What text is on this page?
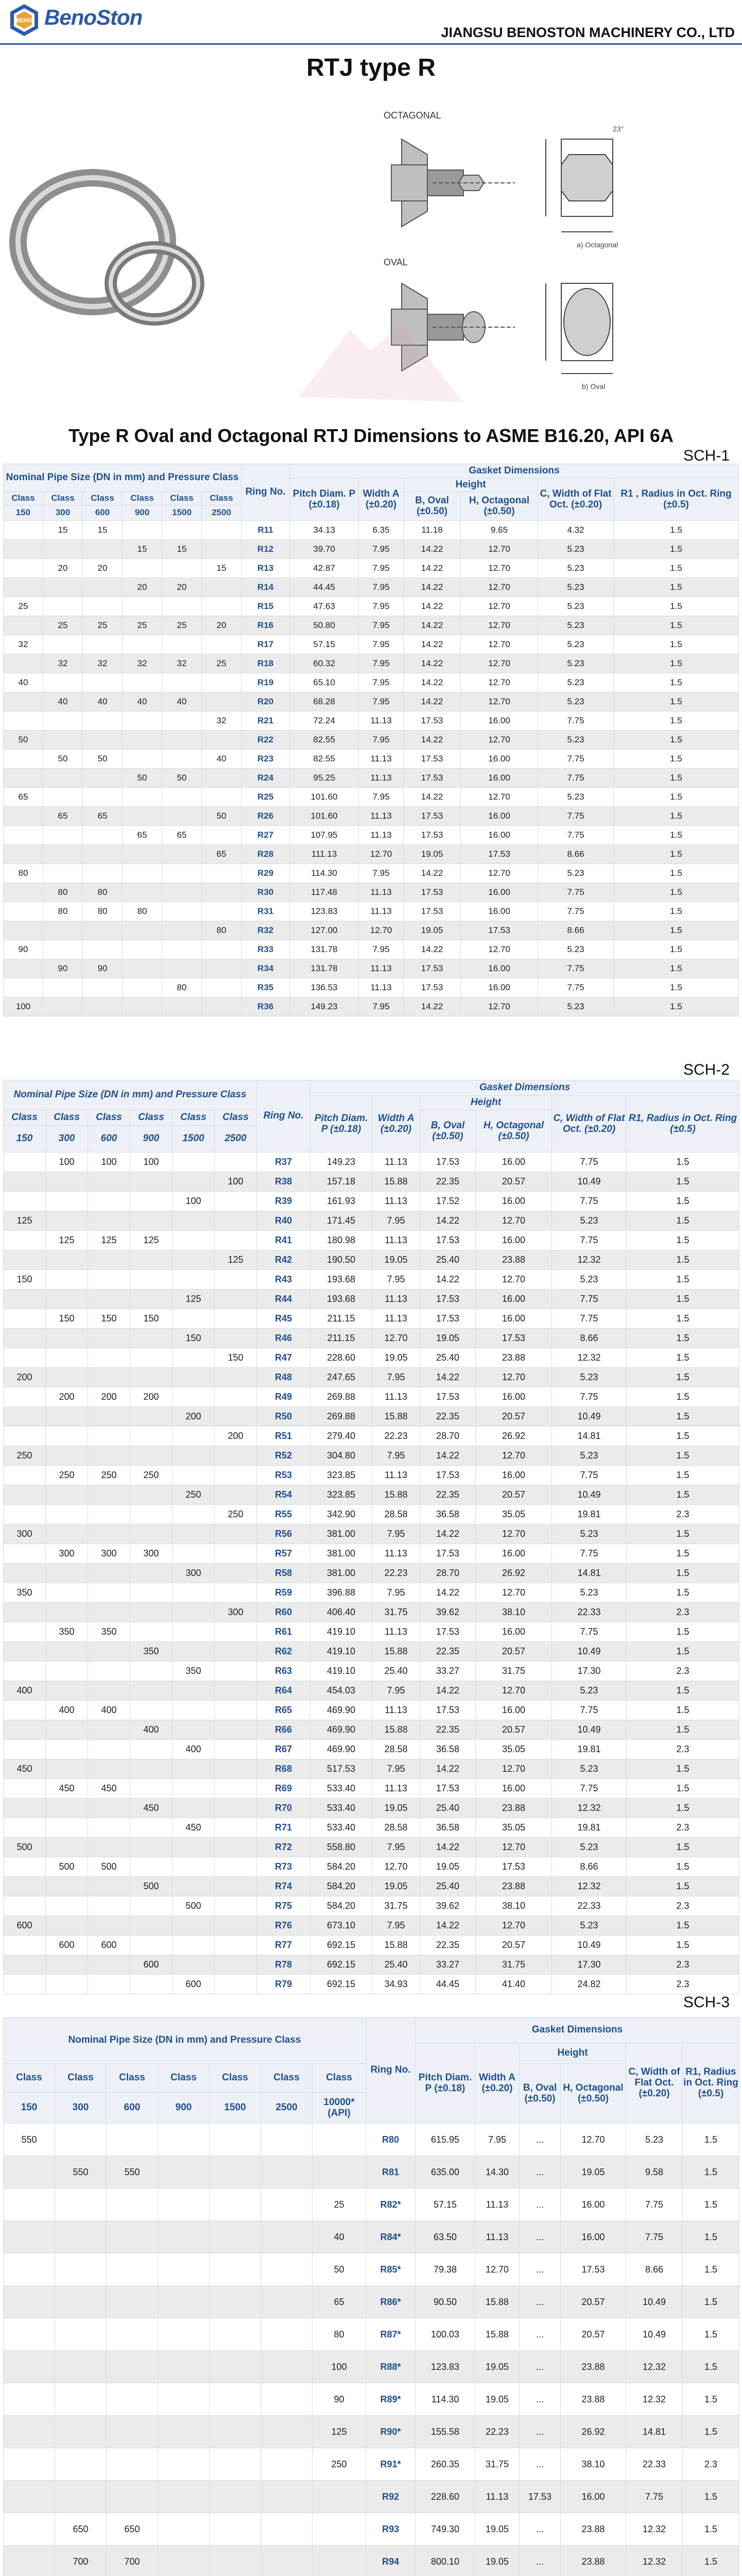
BENO BenoSton
JIANGSU BENOSTON MACHINERY CO., LTD
RTJ type R
OCTAGONAL
23°
a) Octagonal
OVAL
b) Oval
Type R Oval and Octagonal RTJ Dimensions to ASME B16.20, API 6A
SCH-1
Nominal Pipe Size (DN in mm) and Pressure Class						Ring No.	Gasket Dimensions					
							Pitch Diam. P (±0.18)	Width A (±0.20)	Height		C, Width of Flat Oct. (±0.20)	R1 , Radius in Oct. Ring (±0.5)
Class	Class	Class	Class	Class	Class				B, Oval (±0.50)	H, Octagonal (±0.50)		
150	300	600	900	1500	2500							
	15	15				R11	34.13	6.35	11.18	9.65	4.32	1.5
			15	15		R12	39.70	7.95	14.22	12.70	5.23	1.5
	20	20			15	R13	42.87	7.95	14.22	12.70	5.23	1.5
			20	20		R14	44.45	7.95	14.22	12.70	5.23	1.5
25						R15	47.63	7.95	14.22	12.70	5.23	1.5
	25	25	25	25	20	R16	50.80	7.95	14.22	12.70	5.23	1.5
32						R17	57.15	7.95	14.22	12.70	5.23	1.5
	32	32	32	32	25	R18	60.32	7.95	14.22	12.70	5.23	1.5
40						R19	65.10	7.95	14.22	12.70	5.23	1.5
	40	40	40	40		R20	68.28	7.95	14.22	12.70	5.23	1.5
					32	R21	72.24	11.13	17.53	16.00	7.75	1.5
50						R22	82.55	7.95	14.22	12.70	5.23	1.5
	50	50			40	R23	82.55	11.13	17.53	16.00	7.75	1.5
			50	50		R24	95.25	11.13	17.53	16.00	7.75	1.5
65						R25	101.60	7.95	14.22	12.70	5.23	1.5
	65	65			50	R26	101.60	11.13	17.53	16.00	7.75	1.5
			65	65		R27	107.95	11.13	17.53	16.00	7.75	1.5
					65	R28	111.13	12.70	19.05	17.53	8.66	1.5
80						R29	114.30	7.95	14.22	12.70	5.23	1.5
	80	80				R30	117.48	11.13	17.53	16.00	7.75	1.5
	80	80	80			R31	123.83	11.13	17.53	16.00	7.75	1.5
					80	R32	127.00	12.70	19.05	17.53	8.66	1.5
90						R33	131.78	7.95	14.22	12.70	5.23	1.5
	90	90				R34	131.78	11.13	17.53	16.00	7.75	1.5
				80		R35	136.53	11.13	17.53	16.00	7.75	1.5
100						R36	149.23	7.95	14.22	12.70	5.23	1.5
SCH-2
Nominal Pipe Size (DN in mm) and Pressure Class						Ring No.	Gasket Dimensions					
							Pitch Diam. P (±0.18)	Width A (±0.20)	Height		C, Width of Flat Oct. (±0.20)	R1, Radius in Oct. Ring (±0.5)
Class	Class	Class	Class	Class	Class				B, Oval (±0.50)	H, Octagonal (±0.50)		
150	300	600	900	1500	2500							
	100	100	100			R37	149.23	11.13	17.53	16.00	7.75	1.5
					100	R38	157.18	15.88	22.35	20.57	10.49	1.5
				100		R39	161.93	11.13	17.52	16.00	7.75	1.5
125						R40	171.45	7.95	14.22	12.70	5.23	1.5
	125	125	125			R41	180.98	11.13	17.53	16.00	7.75	1.5
					125	R42	190.50	19.05	25.40	23.88	12.32	1.5
150						R43	193.68	7.95	14.22	12.70	5.23	1.5
				125		R44	193.68	11.13	17.53	16.00	7.75	1.5
	150	150	150			R45	211.15	11.13	17.53	16.00	7.75	1.5
				150		R46	211.15	12.70	19.05	17.53	8.66	1.5
					150	R47	228.60	19.05	25.40	23.88	12.32	1.5
200						R48	247.65	7.95	14.22	12.70	5.23	1.5
	200	200	200			R49	269.88	11.13	17.53	16.00	7.75	1.5
				200		R50	269.88	15.88	22.35	20.57	10.49	1.5
					200	R51	279.40	22.23	28.70	26.92	14.81	1.5
250						R52	304.80	7.95	14.22	12.70	5.23	1.5
	250	250	250			R53	323.85	11.13	17.53	16.00	7.75	1.5
				250		R54	323.85	15.88	22.35	20.57	10.49	1.5
					250	R55	342.90	28.58	36.58	35.05	19.81	2.3
300						R56	381.00	7.95	14.22	12.70	5.23	1.5
	300	300	300			R57	381.00	11.13	17.53	16.00	7.75	1.5
				300		R58	381.00	22.23	28.70	26.92	14.81	1.5
350						R59	396.88	7.95	14.22	12.70	5.23	1.5
					300	R60	406.40	31.75	39.62	38.10	22.33	2.3
	350	350				R61	419.10	11.13	17.53	16.00	7.75	1.5
			350			R62	419.10	15.88	22.35	20.57	10.49	1.5
				350		R63	419.10	25.40	33.27	31.75	17.30	2.3
400						R64	454.03	7.95	14.22	12.70	5.23	1.5
	400	400				R65	469.90	11.13	17.53	16.00	7.75	1.5
			400			R66	469.90	15.88	22.35	20.57	10.49	1.5
				400		R67	469.90	28.58	36.58	35.05	19.81	2.3
450						R68	517.53	7.95	14.22	12.70	5.23	1.5
	450	450				R69	533.40	11.13	17.53	16.00	7.75	1.5
			450			R70	533.40	19.05	25.40	23.88	12.32	1.5
				450		R71	533.40	28.58	36.58	35.05	19.81	2.3
500						R72	558.80	7.95	14.22	12.70	5.23	1.5
	500	500				R73	584.20	12.70	19.05	17.53	8.66	1.5
			500			R74	584.20	19.05	25.40	23.88	12.32	1.5
				500		R75	584.20	31.75	39.62	38.10	22.33	2.3
600						R76	673.10	7.95	14.22	12.70	5.23	1.5
	600	600				R77	692.15	15.88	22.35	20.57	10.49	1.5
			600			R78	692.15	25.40	33.27	31.75	17.30	2.3
				600		R79	692.15	34.93	44.45	41.40	24.82	2.3
SCH-3
Nominal Pipe Size (DN in mm) and Pressure Class							Ring No.	Gasket Dimensions					
								Pitch Diam. P (±0.18)	Width A (±0.20)	Height		C, Width of Flat Oct. (±0.20)	R1, Radius in Oct. Ring (±0.5)
Class	Class	Class	Class	Class	Class	Class				B, Oval (±0.50)	H, Octagonal (±0.50)		
150	300	600	900	1500	2500	10000* (API)							
550							R80	615.95	7.95	...	12.70	5.23	1.5
	550	550					R81	635.00	14.30	...	19.05	9.58	1.5
						25	R82*	57.15	11.13	...	16.00	7.75	1.5
						40	R84*	63.50	11.13	...	16.00	7.75	1.5
						50	R85*	79.38	12.70	...	17.53	8.66	1.5
						65	R86*	90.50	15.88	...	20.57	10.49	1.5
						80	R87*	100.03	15.88	...	20.57	10.49	1.5
						100	R88*	123.83	19.05	...	23.88	12.32	1.5
						90	R89*	114.30	19.05	...	23.88	12.32	1.5
						125	R90*	155.58	22.23	...	26.92	14.81	1.5
						250	R91*	260.35	31.75	...	38.10	22.33	2.3
							R92	228.60	11.13	17.53	16.00	7.75	1.5
	650	650					R93	749.30	19.05	...	23.88	12.32	1.5
	700	700					R94	800.10	19.05	...	23.88	12.32	1.5
